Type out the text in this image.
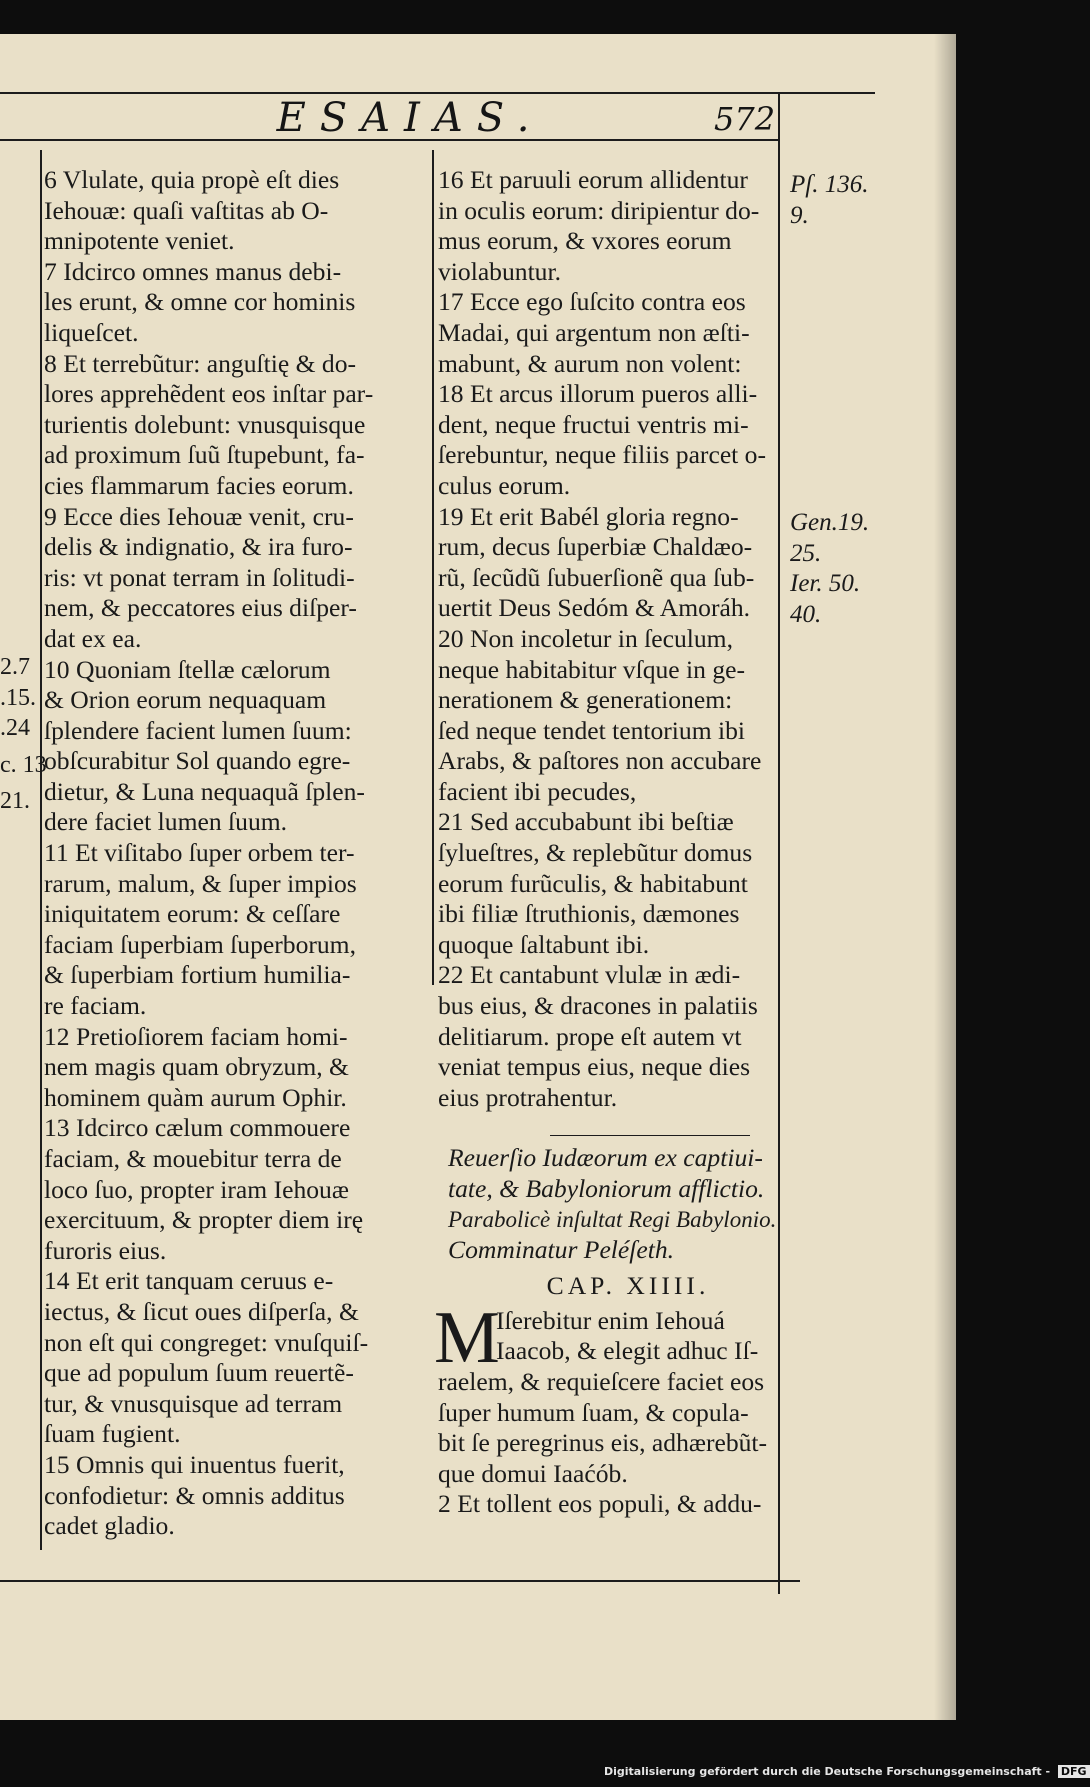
ESAIAS.	572
6 Vlulate, quia propè eſt dies
Iehouæ: quaſi vaſtitas ab O-
mnipotente veniet.
7 Idcirco omnes manus debi-
les erunt, & omne cor hominis
liqueſcet.
8 Et terrebũtur: anguſtię & do-
lores apprehẽdent eos inſtar par-
turientis dolebunt: vnusquisque
ad proximum ſuũ ſtupebunt, fa-
cies flammarum facies eorum.
9 Ecce dies Iehouæ venit, cru-
delis & indignatio, & ira furo-
ris: vt ponat terram in ſolitudi-
nem, & peccatores eius diſper-
dat ex ea.
10 Quoniam ſtellæ cælorum
& Orion eorum nequaquam
ſplendere facient lumen ſuum:
obſcurabitur Sol quando egre-
dietur, & Luna nequaquã ſplen-
dere faciet lumen ſuum.
11 Et viſitabo ſuper orbem ter-
rarum, malum, & ſuper impios
iniquitatem eorum: & ceſſare
faciam ſuperbiam ſuperborum,
& ſuperbiam fortium humilia-
re faciam.
12 Pretioſiorem faciam homi-
nem magis quam obryzum, &
hominem quàm aurum Ophir.
13 Idcirco cælum commouere
faciam, & mouebitur terra de
loco ſuo, propter iram Iehouæ
exercituum, & propter diem irę
furoris eius.
14 Et erit tanquam ceruus e-
iectus, & ſicut oues diſperſa, &
non eſt qui congreget: vnuſquiſ-
que ad populum ſuum reuertẽ-
tur, & vnusquisque ad terram
ſuam fugient.
15 Omnis qui inuentus fuerit,
confodietur: & omnis additus
cadet gladio.
16 Et paruuli eorum allidentur
in oculis eorum: diripientur do-
mus eorum, & vxores eorum
violabuntur.
17 Ecce ego ſuſcito contra eos
Madai, qui argentum non æſti-
mabunt, & aurum non volent:
18 Et arcus illorum pueros alli-
dent, neque fructui ventris mi-
ſerebuntur, neque filiis parcet o-
culus eorum.
19 Et erit Babél gloria regno-
rum, decus ſuperbiæ Chaldæo-
rũ, ſecũdũ ſubuerſionẽ qua ſub-
uertit Deus Sedóm & Amoráh.
20 Non incoletur in ſeculum,
neque habitabitur vſque in ge-
nerationem & generationem:
ſed neque tendet tentorium ibi
Arabs, & paſtores non accubare
facient ibi pecudes,
21 Sed accubabunt ibi beſtiæ
ſylueſtres, & replebũtur domus
eorum furũculis, & habitabunt
ibi filiæ ſtruthionis, dæmones
quoque ſaltabunt ibi.
22 Et cantabunt vlulæ in ædi-
bus eius, & dracones in palatiis
delitiarum. prope eſt autem vt
veniat tempus eius, neque dies
eius protrahentur.
Reuerſio Iudæorum ex captiui-
tate, & Babyloniorum afflictio.
Parabolicè inſultat Regi Babylonio.
Comminatur Peléſeth.
CAP. XIIII.
M
Iſerebitur enim Iehouá
Iaacob, & elegit adhuc Iſ-
raelem, & requieſcere faciet eos
ſuper humum ſuam, & copula-
bit ſe peregrinus eis, adhærebũt-
que domui Iaaćób.
2 Et tollent eos populi, & addu-
Pſ. 136.
9.
Gen.19.
25.
Ier. 50.
40.
2.7
.15.
.24
c. 13
21.
Digitalisierung gefördert durch die Deutsche Forschungsgemeinschaft - DFG
